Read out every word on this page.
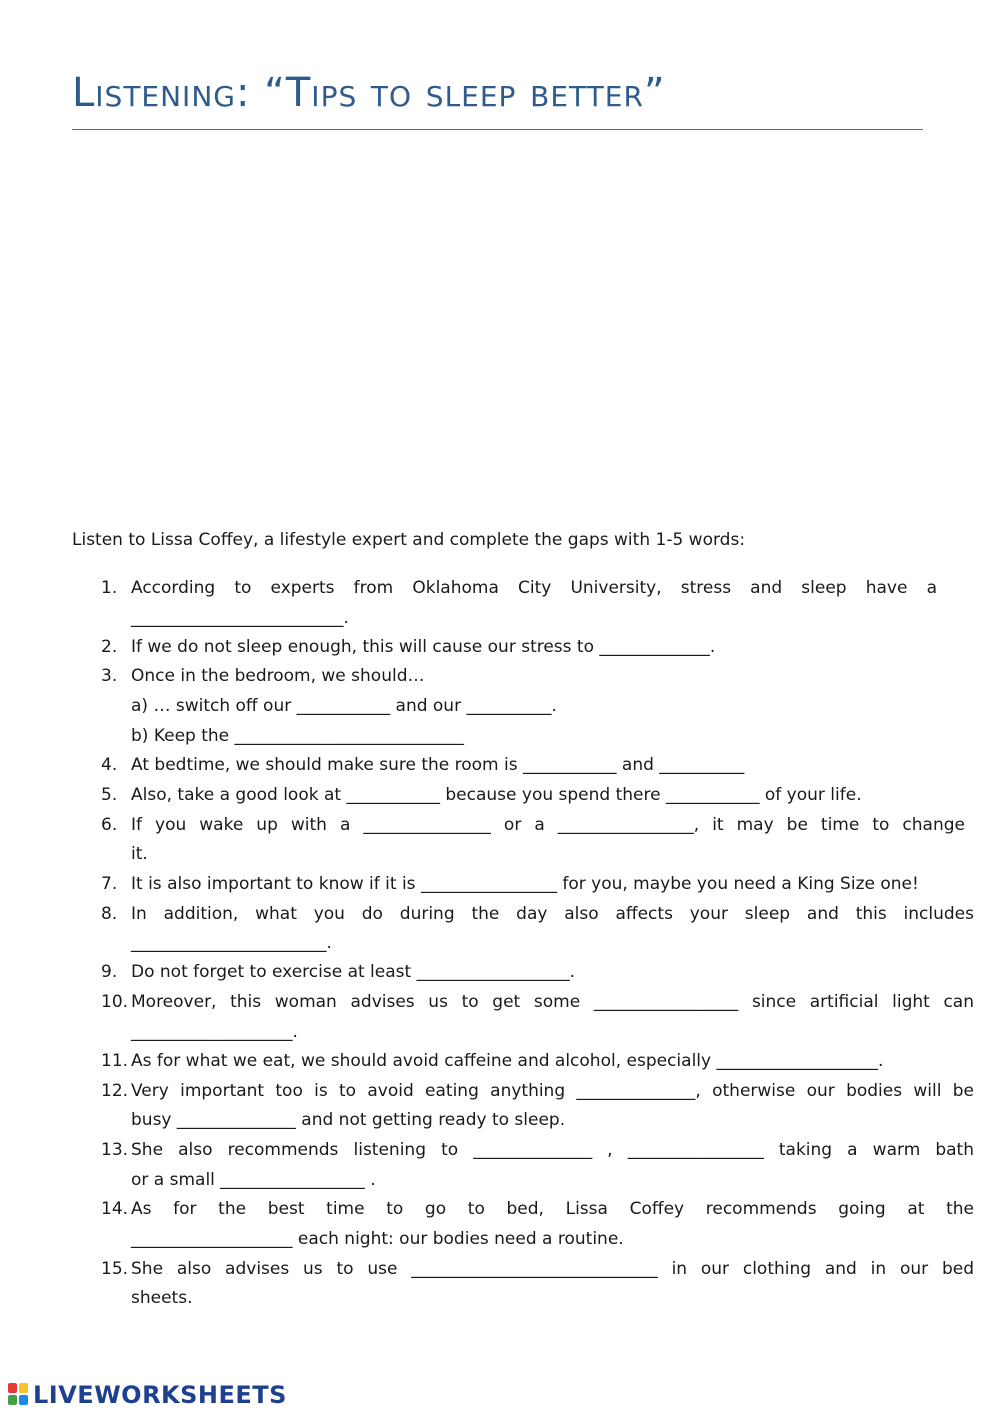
Listening: “Tips to sleep better”
Listen to Lissa Coffey, a lifestyle expert and complete the gaps with 1-5 words:
1. According to experts from Oklahoma City University, stress and sleep have a
_________________________.
2. If we do not sleep enough, this will cause our stress to _____________.
3. Once in the bedroom, we should…
a) … switch off our ___________ and our __________.
b) Keep the ___________________________
4. At bedtime, we should make sure the room is ___________ and __________
5. Also, take a good look at ___________ because you spend there ___________ of your life.
6. If you wake up with a _______________ or a ________________, it may be time to change
it.
7. It is also important to know if it is ________________ for you, maybe you need a King Size one!
8. In addition, what you do during the day also affects your sleep and this includes
_______________________.
9. Do not forget to exercise at least __________________.
10. Moreover, this woman advises us to get some _________________ since artificial light can
___________________.
11. As for what we eat, we should avoid caffeine and alcohol, especially ___________________.
12. Very important too is to avoid eating anything ______________, otherwise our bodies will be
busy ______________ and not getting ready to sleep.
13. She also recommends listening to ______________ , ________________ taking a warm bath
or a small _________________ .
14. As for the best time to go to bed, Lissa Coffey recommends going at the
___________________ each night: our bodies need a routine.
15. She also advises us to use _____________________________ in our clothing and in our bed
sheets.
LIVEWORKSHEETS
